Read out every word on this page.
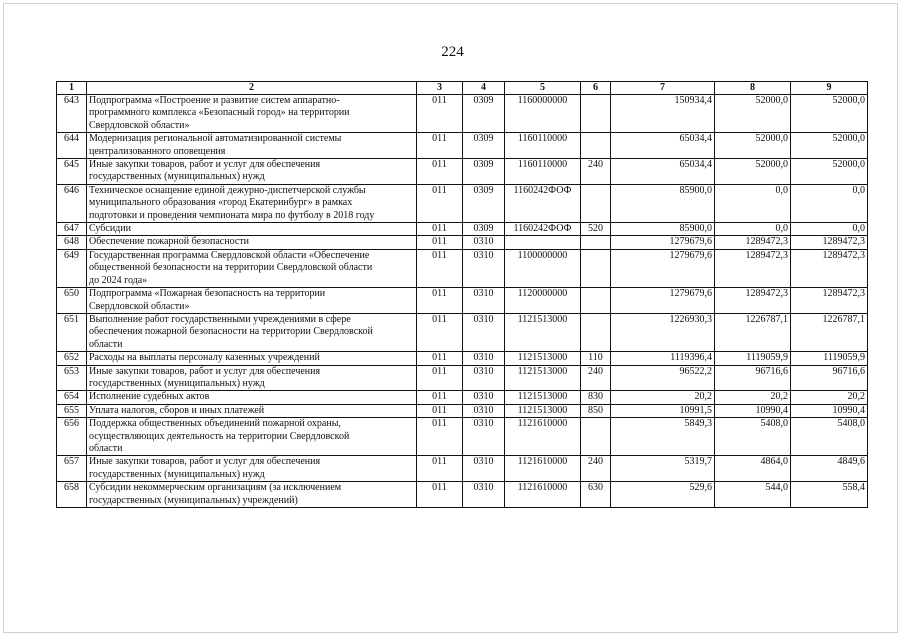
224
1	2	3	4	5	6	7	8	9
643	Подпрограмма «Построение и развитие систем аппаратно-
программного комплекса «Безопасный город» на территории
Свердловской области»	011	0309	1160000000		150934,4	52000,0	52000,0
644	Модернизация региональной автоматизированной системы
централизованного оповещения	011	0309	1160110000		65034,4	52000,0	52000,0
645	Иные закупки товаров, работ и услуг для обеспечения
государственных (муниципальных) нужд	011	0309	1160110000	240	65034,4	52000,0	52000,0
646	Техническое оснащение единой дежурно-диспетчерской службы
муниципального образования «город Екатеринбург» в рамках
подготовки и проведения чемпионата мира по футболу в 2018 году	011	0309	1160242ФОФ		85900,0	0,0	0,0
647	Субсидии	011	0309	1160242ФОФ	520	85900,0	0,0	0,0
648	Обеспечение пожарной безопасности	011	0310			1279679,6	1289472,3	1289472,3
649	Государственная программа Свердловской области «Обеспечение
общественной безопасности на территории Свердловской области
до 2024 года»	011	0310	1100000000		1279679,6	1289472,3	1289472,3
650	Подпрограмма «Пожарная безопасность на территории
Свердловской области»	011	0310	1120000000		1279679,6	1289472,3	1289472,3
651	Выполнение работ государственными учреждениями в сфере
обеспечения пожарной безопасности на территории Свердловской
области	011	0310	1121513000		1226930,3	1226787,1	1226787,1
652	Расходы на выплаты персоналу казенных учреждений	011	0310	1121513000	110	1119396,4	1119059,9	1119059,9
653	Иные закупки товаров, работ и услуг для обеспечения
государственных (муниципальных) нужд	011	0310	1121513000	240	96522,2	96716,6	96716,6
654	Исполнение судебных актов	011	0310	1121513000	830	20,2	20,2	20,2
655	Уплата налогов, сборов и иных платежей	011	0310	1121513000	850	10991,5	10990,4	10990,4
656	Поддержка общественных объединений пожарной охраны,
осуществляющих деятельность на территории Свердловской
области	011	0310	1121610000		5849,3	5408,0	5408,0
657	Иные закупки товаров, работ и услуг для обеспечения
государственных (муниципальных) нужд	011	0310	1121610000	240	5319,7	4864,0	4849,6
658	Субсидии некоммерческим организациям (за исключением
государственных (муниципальных) учреждений)	011	0310	1121610000	630	529,6	544,0	558,4
